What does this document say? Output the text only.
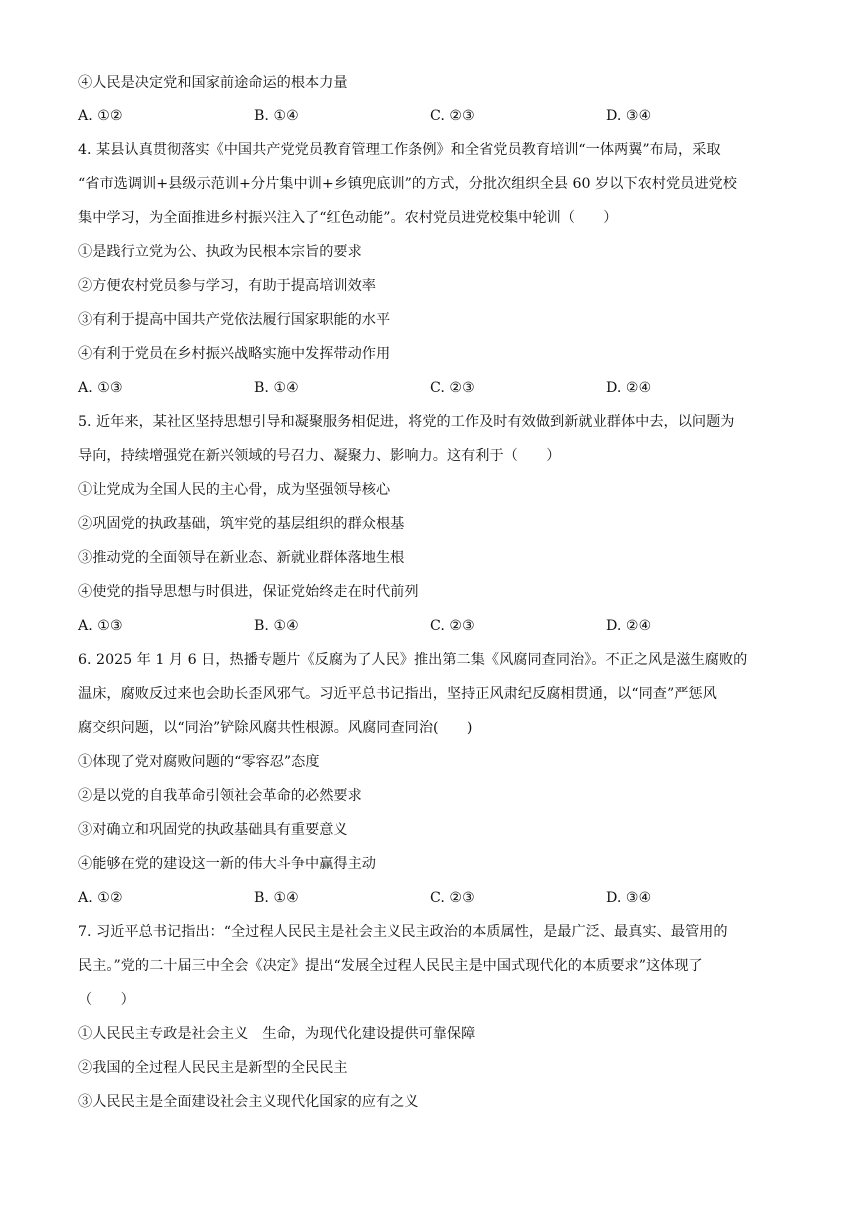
④人民是决定党和国家前途命运的根本力量
A. ①②	B. ①④	C. ②③	D. ③④
4. 某县认真贯彻落实《中国共产党党员教育管理工作条例》和全省党员教育培训“一体两翼”布局，采取
“省市选调训+县级示范训+分片集中训+乡镇兜底训”的方式，分批次组织全县 60 岁以下农村党员进党校
集中学习，为全面推进乡村振兴注入了“红色动能”。农村党员进党校集中轮训（　　）
①是践行立党为公、执政为民根本宗旨的要求
②方便农村党员参与学习，有助于提高培训效率
③有利于提高中国共产党依法履行国家职能的水平
④有利于党员在乡村振兴战略实施中发挥带动作用
A. ①③	B. ①④	C. ②③	D. ②④
5. 近年来，某社区坚持思想引导和凝聚服务相促进，将党的工作及时有效做到新就业群体中去，以问题为
导向，持续增强党在新兴领域的号召力、凝聚力、影响力。这有利于（　　）
①让党成为全国人民的主心骨，成为坚强领导核心
②巩固党的执政基础，筑牢党的基层组织的群众根基
③推动党的全面领导在新业态、新就业群体落地生根
④使党的指导思想与时俱进，保证党始终走在时代前列
A. ①③	B. ①④	C. ②③	D. ②④
6. 2025 年 1 月 6 日，热播专题片《反腐为了人民》推出第二集《风腐同查同治》。不正之风是滋生腐败的
温床，腐败反过来也会助长歪风邪气。习近平总书记指出，坚持正风肃纪反腐相贯通，以“同查”严惩风
腐交织问题，以“同治”铲除风腐共性根源。风腐同查同治(　　)
①体现了党对腐败问题的“零容忍”态度
②是以党的自我革命引领社会革命的必然要求
③对确立和巩固党的执政基础具有重要意义
④能够在党的建设这一新的伟大斗争中赢得主动
A. ①②	B. ①④	C. ②③	D. ③④
7. 习近平总书记指出：“全过程人民民主是社会主义民主政治的本质属性，是最广泛、最真实、最管用的
民主。”党的二十届三中全会《决定》提出“发展全过程人民民主是中国式现代化的本质要求”这体现了
（　　）
①人民民主专政是社会主义　生命，为现代化建设提供可靠保障
②我国的全过程人民民主是新型的全民民主
③人民民主是全面建设社会主义现代化国家的应有之义
